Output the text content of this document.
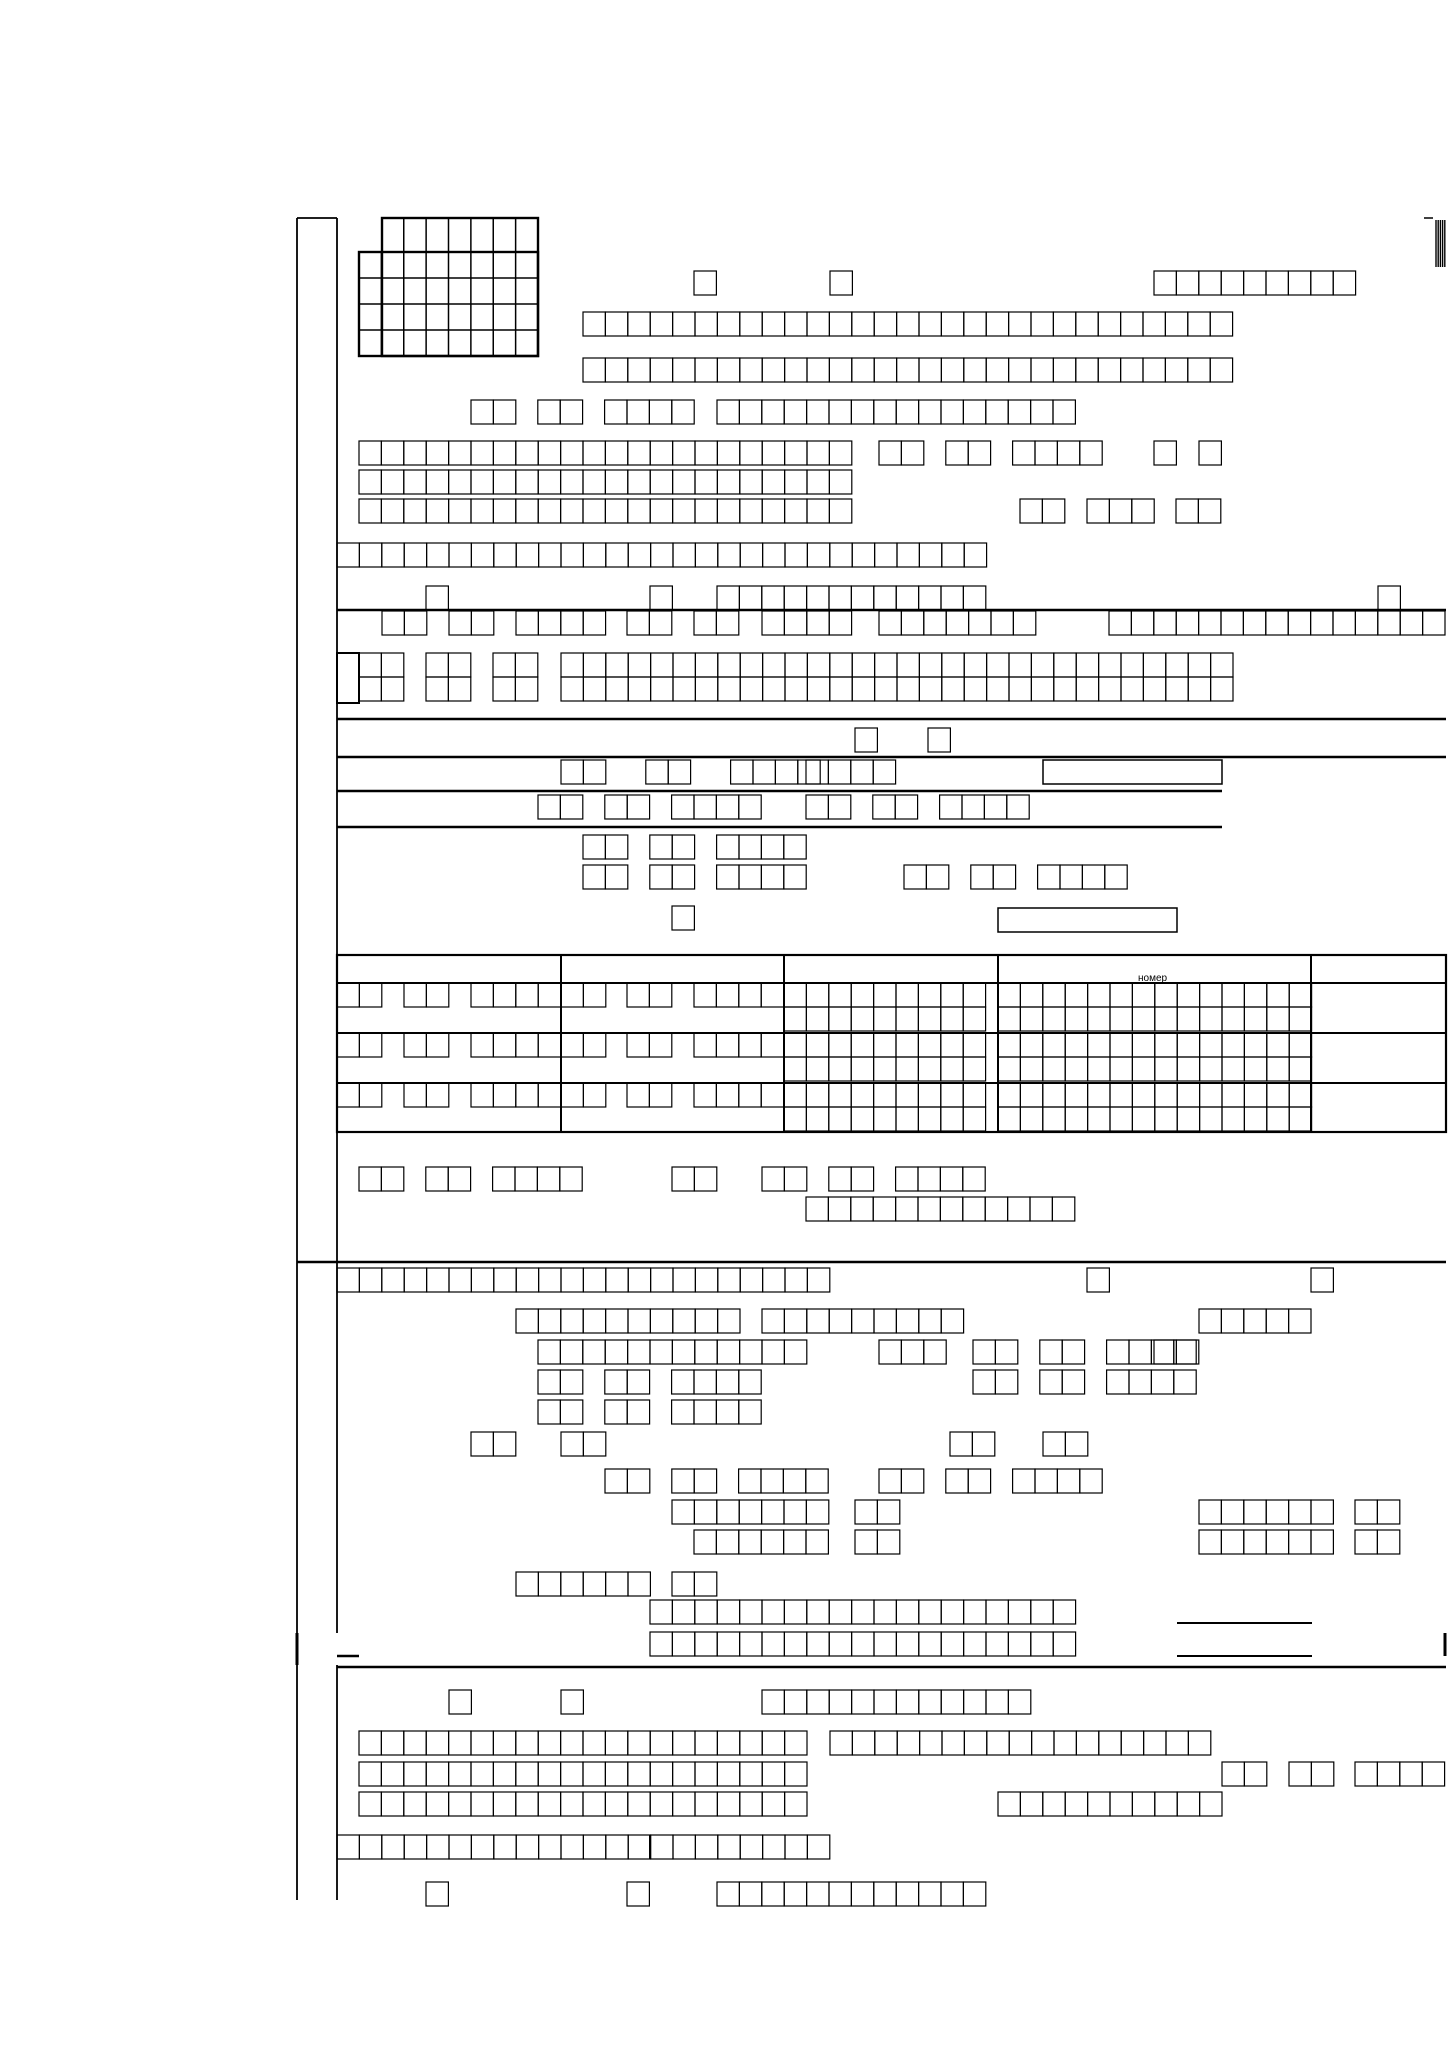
номер
